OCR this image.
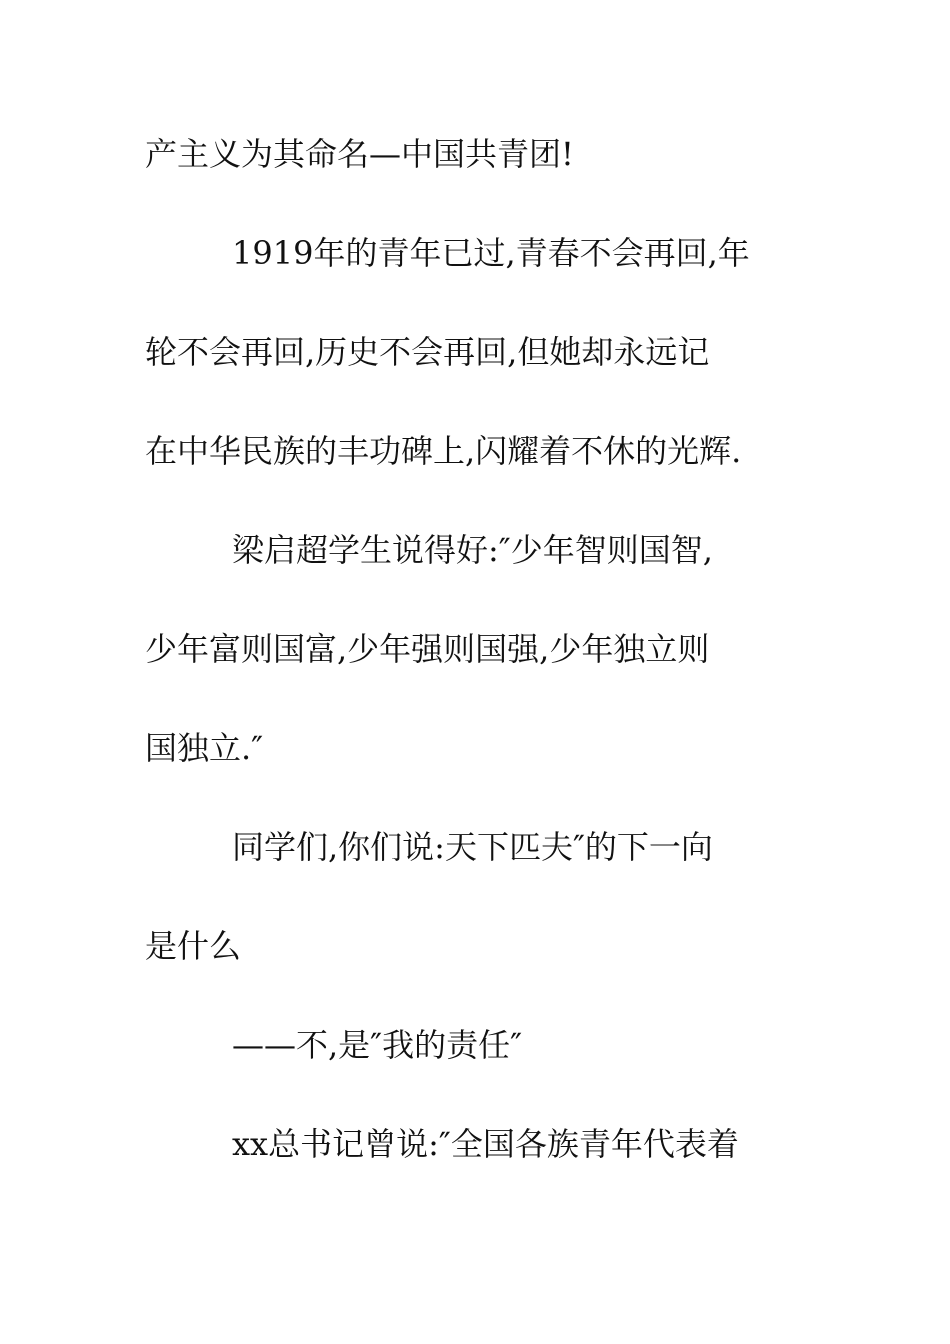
产主义为其命名—中国共青团!
1919年的青年已过,青春不会再回,年
轮不会再回,历史不会再回,但她却永远记
在中华民族的丰功碑上,闪耀着不休的光辉.
梁启超学生说得好:″少年智则国智,
少年富则国富,少年强则国强,少年独立则
国独立.″
同学们,你们说:天下匹夫″的下一向
是什么
——不,是″我的责任″
xx总书记曾说:″全国各族青年代表着
